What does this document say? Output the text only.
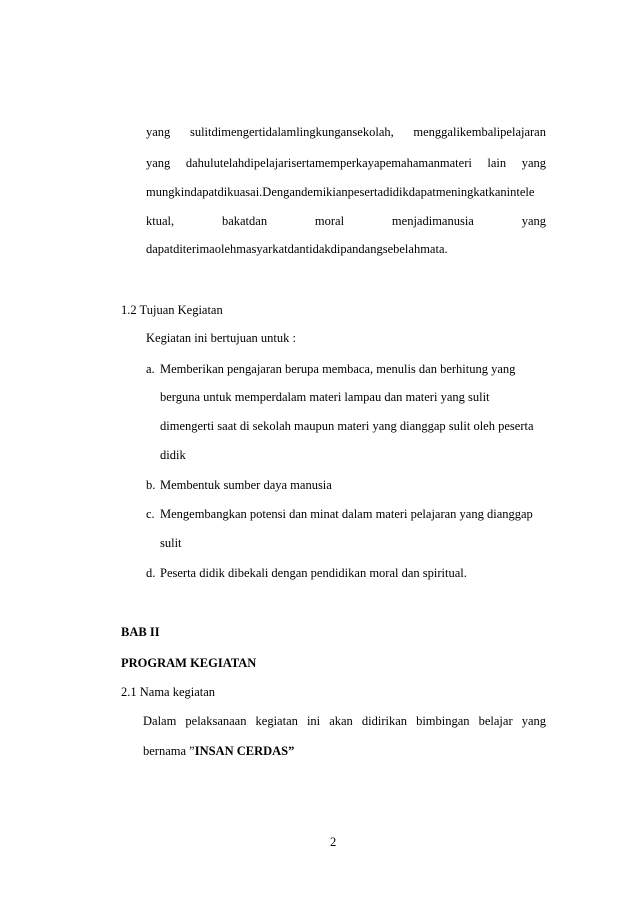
yang sulitdimengertidalamlingkungansekolah, menggalikembalipelajaran
yang dahulutelahdipelajarisertamemperkayapemahamanmateri lain yang
mungkindapatdikuasai.Dengandemikianpesertadidikdapatmeningkatkanintele
ktual, bakatdan moral menjadimanusia yang
dapatditerimaolehmasyarkatdantidakdipandangsebelahmata.
1.2 Tujuan Kegiatan
Kegiatan ini bertujuan untuk :
a. Memberikan pengajaran berupa membaca, menulis dan berhitung yang
berguna untuk memperdalam materi lampau dan materi yang sulit
dimengerti saat di sekolah maupun materi yang dianggap sulit oleh peserta
didik
b. Membentuk sumber daya manusia
c. Mengembangkan potensi dan minat dalam materi pelajaran yang dianggap
sulit
d. Peserta didik dibekali dengan pendidikan moral dan spiritual.
BAB II
PROGRAM KEGIATAN
2.1 Nama kegiatan
Dalam pelaksanaan kegiatan ini akan didirikan bimbingan belajar yang
bernama ”INSAN CERDAS”
2
